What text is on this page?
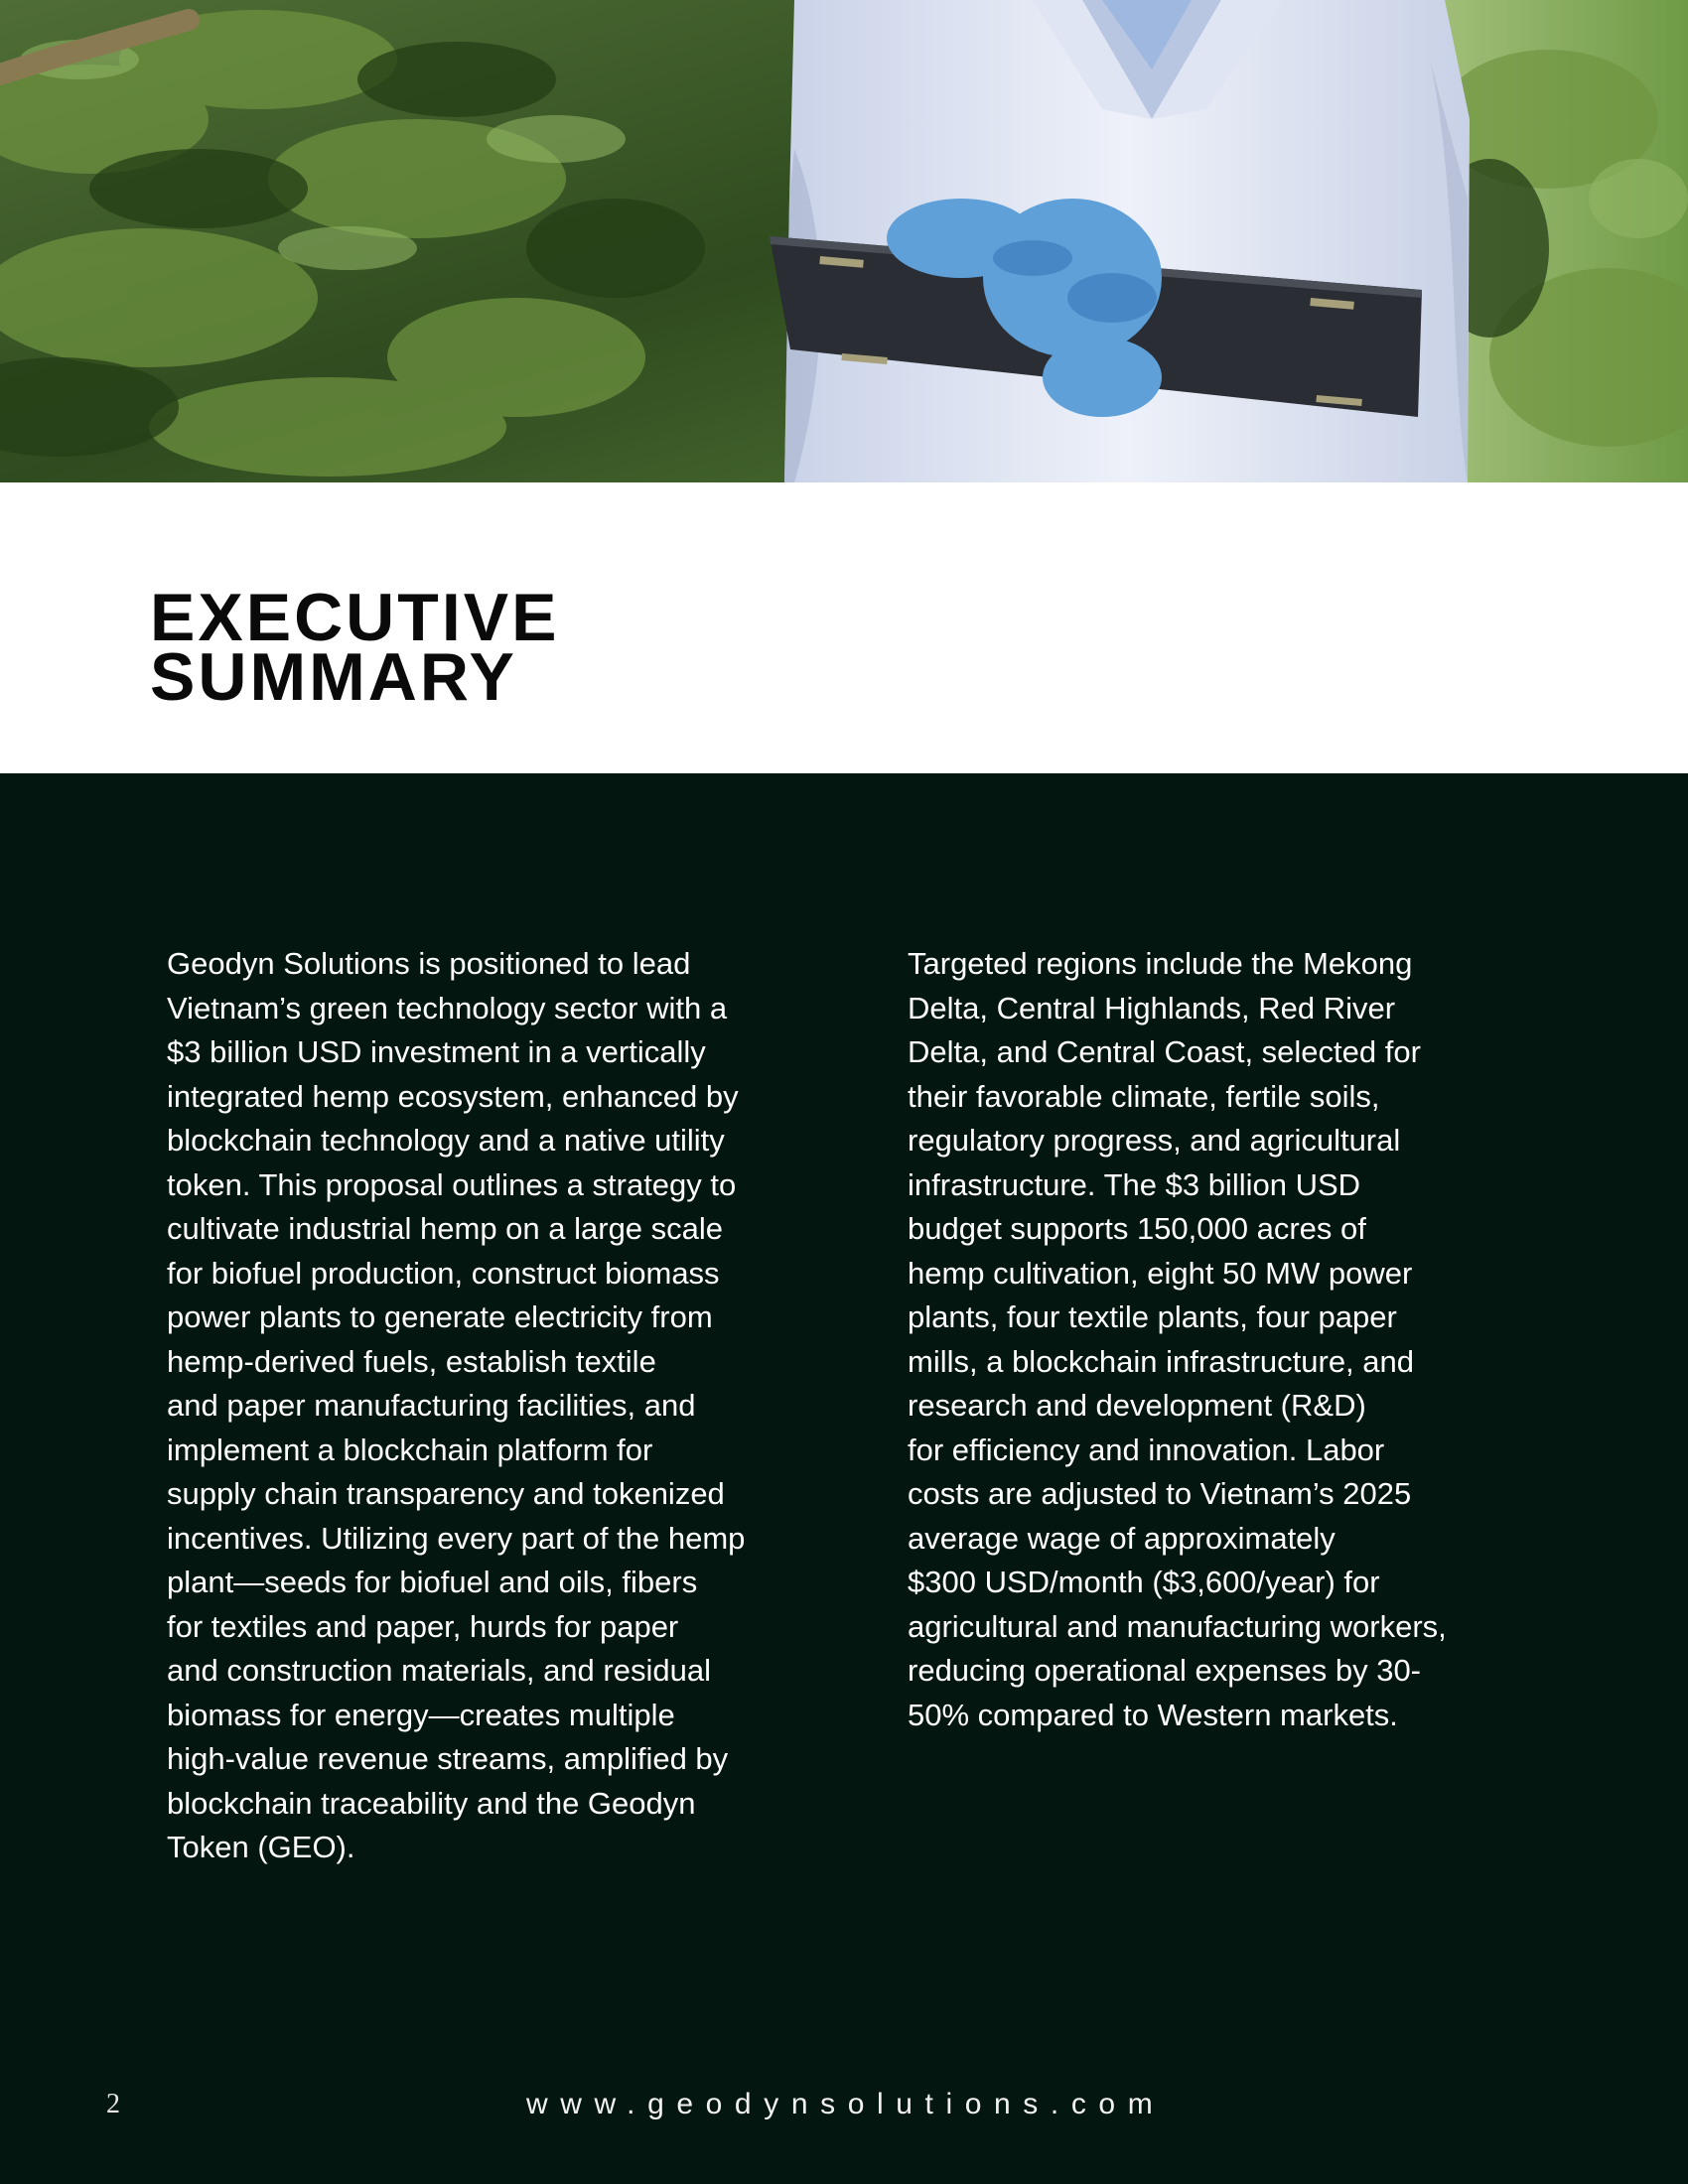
EXECUTIVE
SUMMARY

Geodyn Solutions is positioned to lead
Vietnam’s green technology sector with a
$3 billion USD investment in a vertically
integrated hemp ecosystem, enhanced by
blockchain technology and a native utility
token. This proposal outlines a strategy to
cultivate industrial hemp on a large scale
for biofuel production, construct biomass
power plants to generate electricity from
hemp-derived fuels, establish textile
and paper manufacturing facilities, and
implement a blockchain platform for
supply chain transparency and tokenized
incentives. Utilizing every part of the hemp
plant—seeds for biofuel and oils, fibers
for textiles and paper, hurds for paper
and construction materials, and residual
biomass for energy—creates multiple
high-value revenue streams, amplified by
blockchain traceability and the Geodyn
Token (GEO).

Targeted regions include the Mekong
Delta, Central Highlands, Red River
Delta, and Central Coast, selected for
their favorable climate, fertile soils,
regulatory progress, and agricultural
infrastructure. The $3 billion USD
budget supports 150,000 acres of
hemp cultivation, eight 50 MW power
plants, four textile plants, four paper
mills, a blockchain infrastructure, and
research and development (R&D)
for efficiency and innovation. Labor
costs are adjusted to Vietnam’s 2025
average wage of approximately
$300 USD/month ($3,600/year) for
agricultural and manufacturing workers,
reducing operational expenses by 30-
50% compared to Western markets.

2	www.geodynsolutions.com
